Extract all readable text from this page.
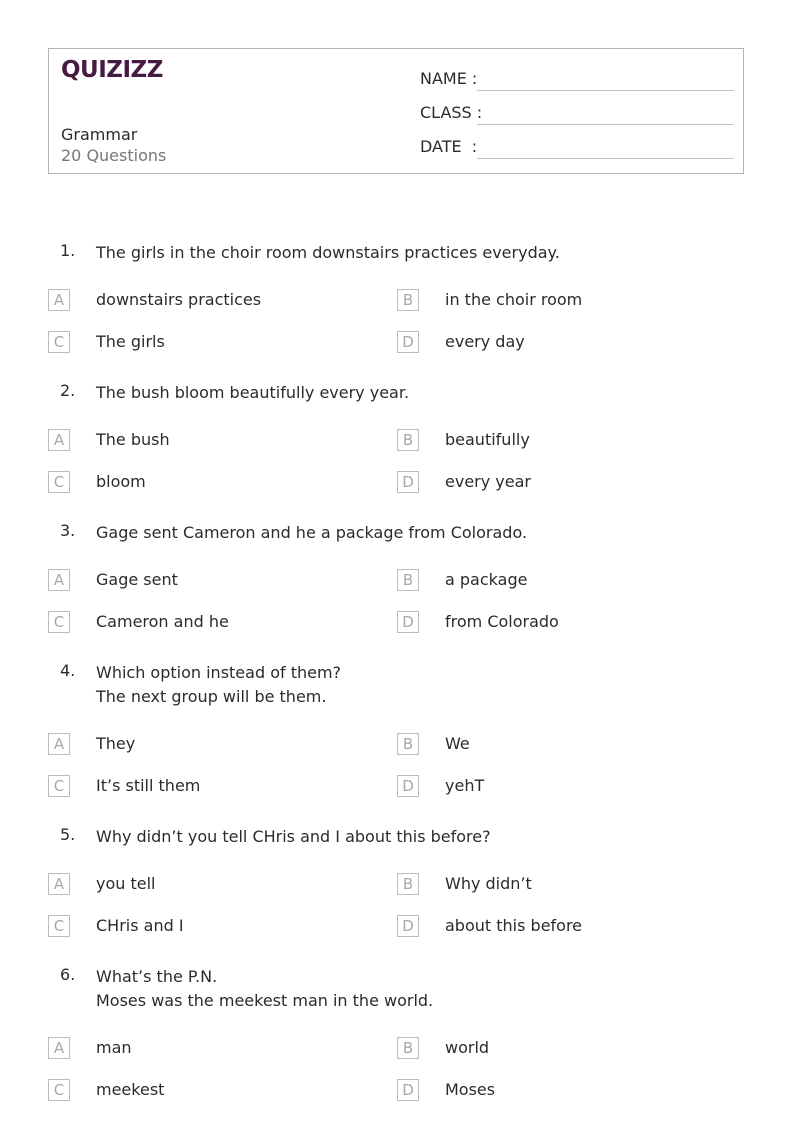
QUIZIZZ
Grammar
20 Questions
NAME :
CLASS :
DATE  :
1.	The girls in the choir room downstairs practices everyday.
A	downstairs practices	B	in the choir room
C	The girls	D	every day
2.	The bush bloom beautifully every year.
A	The bush	B	beautifully
C	bloom	D	every year
3.	Gage sent Cameron and he a package from Colorado.
A	Gage sent	B	a package
C	Cameron and he	D	from Colorado
4.	Which option instead of them?
The next group will be them.
A	They	B	We
C	It’s still them	D	yehT
5.	Why didn’t you tell CHris and I about this before?
A	you tell	B	Why didn’t
C	CHris and I	D	about this before
6.	What’s the P.N.
Moses was the meekest man in the world.
A	man	B	world
C	meekest	D	Moses
